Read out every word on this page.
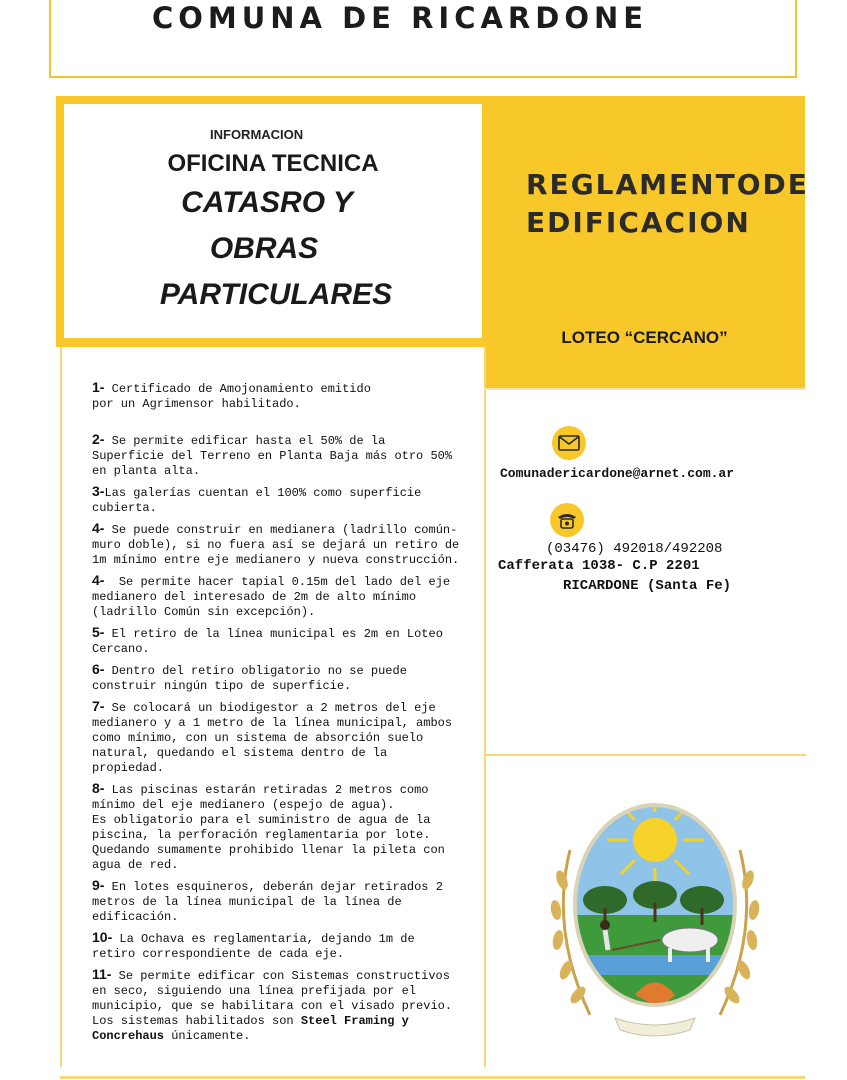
COMUNA DE RICARDONE
INFORMACION
OFICINA TECNICA
CATASRO Y
OBRAS
PARTICULARES
REGLAMENTODE
EDIFICACION
LOTEO “CERCANO”

1- Certificado de Amojonamiento emitido
por un Agrimensor habilitado.

2- Se permite edificar hasta el 50% de la Superficie del Terreno en Planta Baja más otro 50% en planta alta.

3-Las galerías cuentan el 100% como superficie cubierta.

4- Se puede construir en medianera (ladrillo común- muro doble), si no fuera así se dejará un retiro de 1m mínimo entre eje medianero y nueva construcción.

4-  Se permite hacer tapial 0.15m del lado del eje medianero del interesado de 2m de alto mínimo (ladrillo Común sin excepción).

5- El retiro de la línea municipal es 2m en Loteo Cercano.

6- Dentro del retiro obligatorio no se puede construir ningún tipo de superficie.

7- Se colocará un biodigestor a 2 metros del eje medianero y a 1 metro de la línea municipal, ambos como mínimo, con un sistema de absorción suelo natural, quedando el sistema dentro de la propiedad.

8- Las piscinas estarán retiradas 2 metros como mínimo del eje medianero (espejo de agua).
Es obligatorio para el suministro de agua de la piscina, la perforación reglamentaria por lote. Quedando sumamente prohibido llenar la pileta con agua de red.

9- En lotes esquineros, deberán dejar retirados 2 metros de la línea municipal de la línea de edificación.

10- La Ochava es reglamentaria, dejando 1m de retiro correspondiente de cada eje.

11- Se permite edificar con Sistemas constructivos en seco, siguiendo una línea prefijada por el municipio, que se habilitara con el visado previo. Los sistemas habilitados son Steel Framing y Concrehaus únicamente.

Comunadericardone@arnet.com.ar
(03476) 492018/492208
Cafferata 1038- C.P 2201
RICARDONE (Santa Fe)
